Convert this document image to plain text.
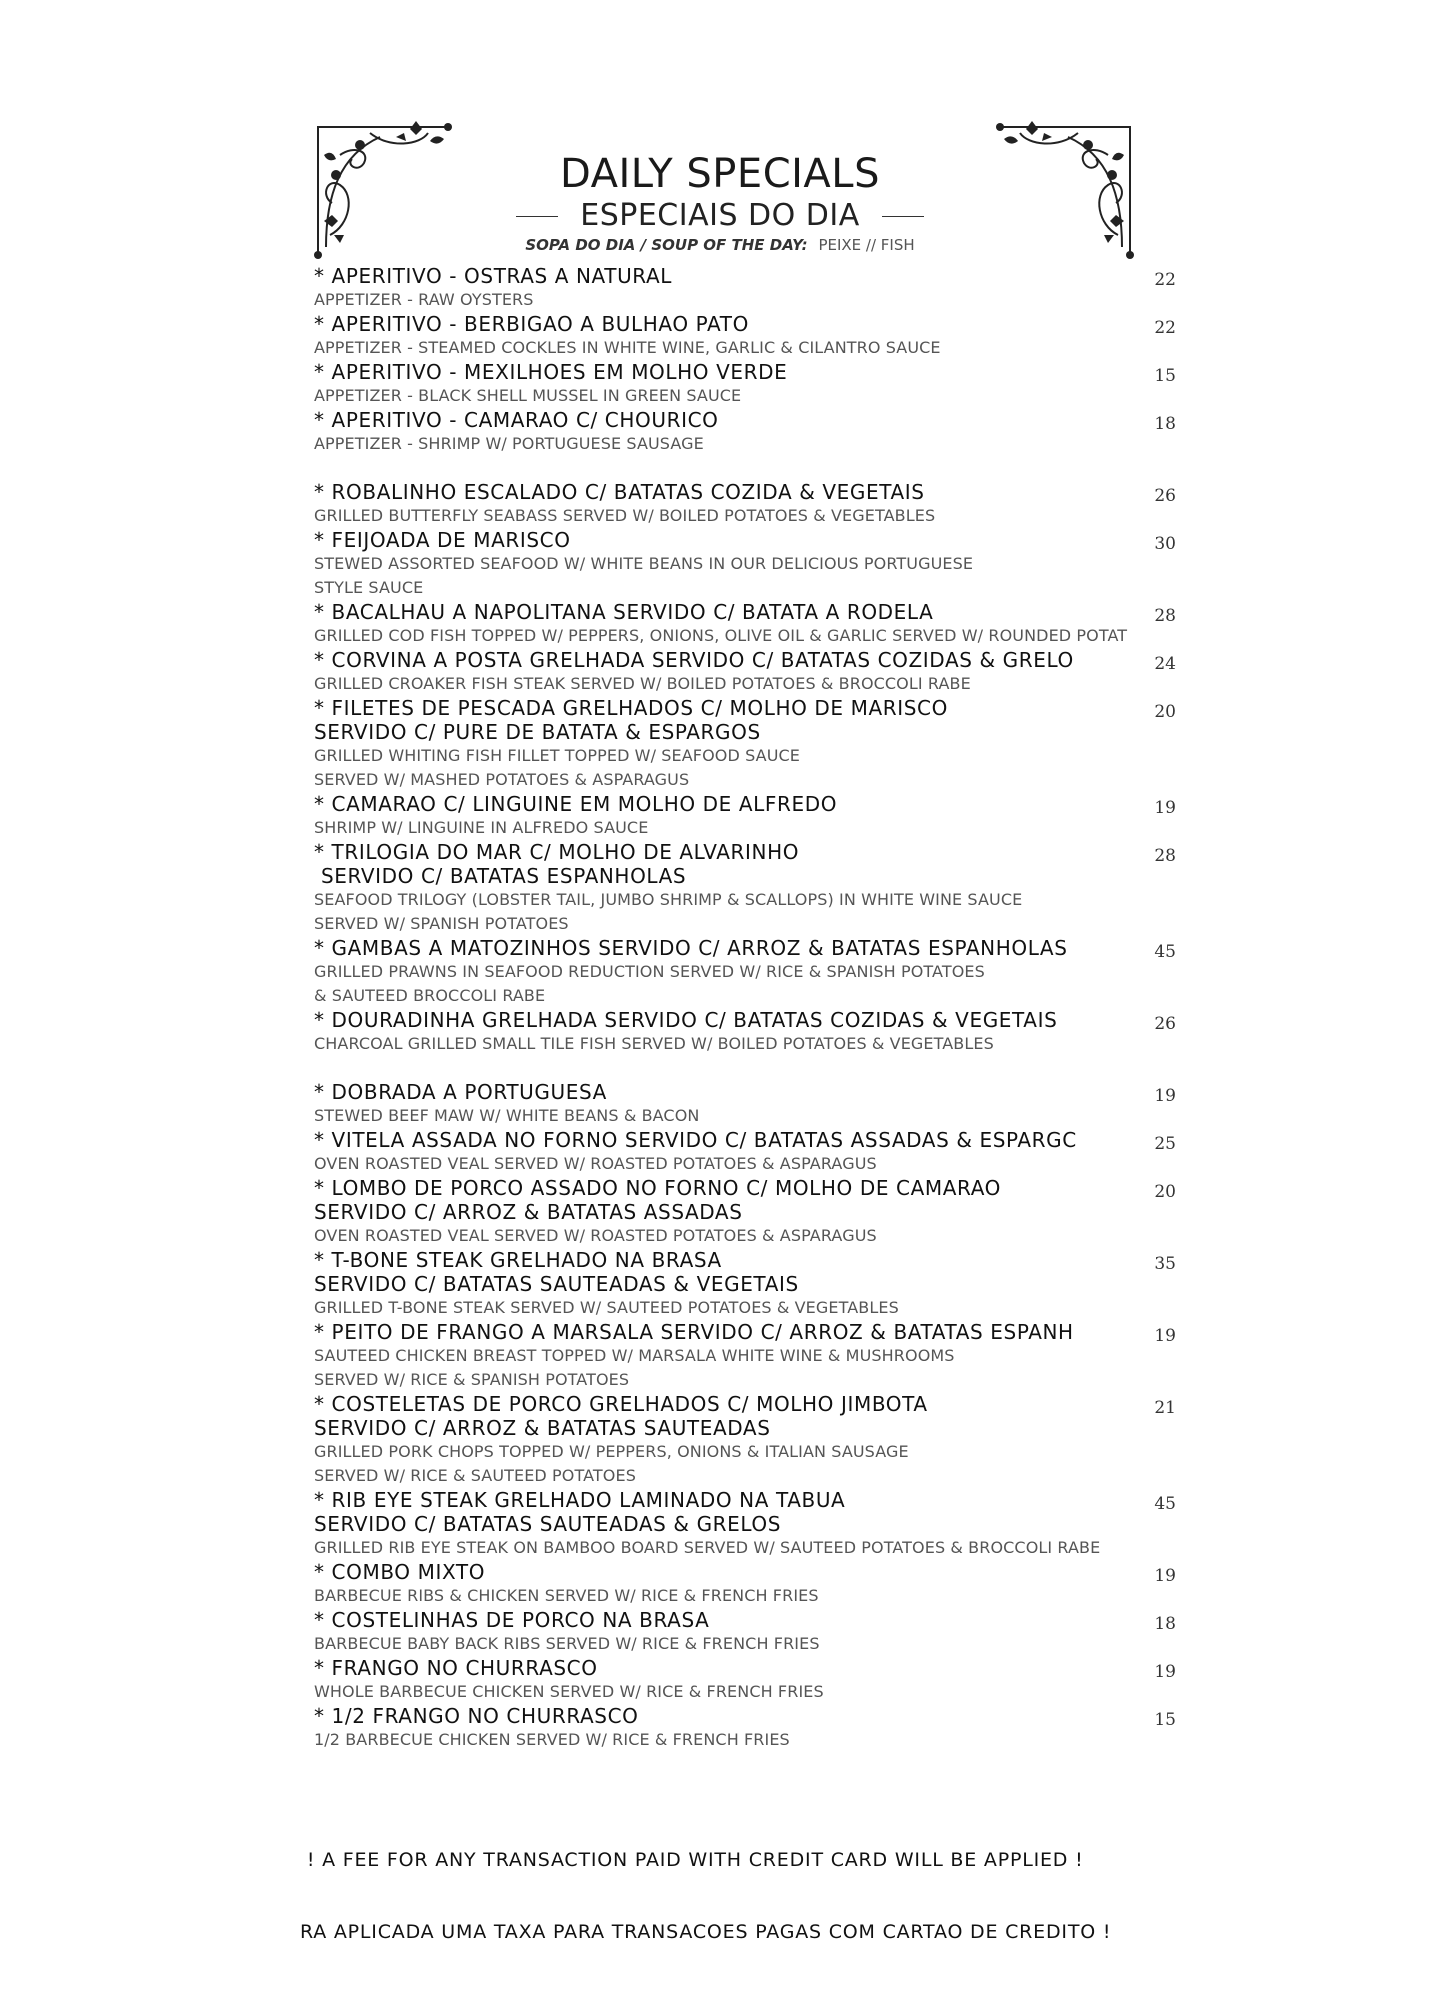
DAILY SPECIALS
ESPECIAIS DO DIA
SOPA DO DIA / SOUP OF THE DAY: PEIXE // FISH
* APERITIVO - OSTRAS A NATURAL
APPETIZER - RAW OYSTERS
22
* APERITIVO - BERBIGAO A BULHAO PATO
APPETIZER - STEAMED COCKLES IN WHITE WINE, GARLIC & CILANTRO SAUCE
22
* APERITIVO - MEXILHOES EM MOLHO VERDE
APPETIZER - BLACK SHELL MUSSEL IN GREEN SAUCE
15
* APERITIVO - CAMARAO C/ CHOURICO
APPETIZER - SHRIMP W/ PORTUGUESE SAUSAGE
18
* ROBALINHO ESCALADO C/ BATATAS COZIDA & VEGETAIS
GRILLED BUTTERFLY SEABASS SERVED W/ BOILED POTATOES & VEGETABLES
26
* FEIJOADA DE MARISCO
STEWED ASSORTED SEAFOOD W/ WHITE BEANS IN OUR DELICIOUS PORTUGUESE
STYLE SAUCE
30
* BACALHAU A NAPOLITANA SERVIDO C/ BATATA A RODELA
GRILLED COD FISH TOPPED W/ PEPPERS, ONIONS, OLIVE OIL & GARLIC SERVED W/ ROUNDED POTAT
28
* CORVINA A POSTA GRELHADA SERVIDO C/ BATATAS COZIDAS & GRELO
GRILLED CROAKER FISH STEAK SERVED W/ BOILED POTATOES & BROCCOLI RABE
24
* FILETES DE PESCADA GRELHADOS C/ MOLHO DE MARISCO
SERVIDO C/ PURE DE BATATA & ESPARGOS
GRILLED WHITING FISH FILLET TOPPED W/ SEAFOOD SAUCE
SERVED W/ MASHED POTATOES & ASPARAGUS
20
* CAMARAO C/ LINGUINE EM MOLHO DE ALFREDO
SHRIMP W/ LINGUINE IN ALFREDO SAUCE
19
* TRILOGIA DO MAR C/ MOLHO DE ALVARINHO
SERVIDO C/ BATATAS ESPANHOLAS
SEAFOOD TRILOGY (LOBSTER TAIL, JUMBO SHRIMP & SCALLOPS) IN WHITE WINE SAUCE
SERVED W/ SPANISH POTATOES
28
* GAMBAS A MATOZINHOS SERVIDO C/ ARROZ & BATATAS ESPANHOLAS
GRILLED PRAWNS IN SEAFOOD REDUCTION SERVED W/ RICE & SPANISH POTATOES
& SAUTEED BROCCOLI RABE
45
* DOURADINHA GRELHADA SERVIDO C/ BATATAS COZIDAS & VEGETAIS
CHARCOAL GRILLED SMALL TILE FISH SERVED W/ BOILED POTATOES & VEGETABLES
26
* DOBRADA A PORTUGUESA
STEWED BEEF MAW W/ WHITE BEANS & BACON
19
* VITELA ASSADA NO FORNO SERVIDO C/ BATATAS ASSADAS & ESPARGC
OVEN ROASTED VEAL SERVED W/ ROASTED POTATOES & ASPARAGUS
25
* LOMBO DE PORCO ASSADO NO FORNO C/ MOLHO DE CAMARAO
SERVIDO C/ ARROZ & BATATAS ASSADAS
OVEN ROASTED VEAL SERVED W/ ROASTED POTATOES & ASPARAGUS
20
* T-BONE STEAK GRELHADO NA BRASA
SERVIDO C/ BATATAS SAUTEADAS & VEGETAIS
GRILLED T-BONE STEAK SERVED W/ SAUTEED POTATOES & VEGETABLES
35
* PEITO DE FRANGO A MARSALA SERVIDO C/ ARROZ & BATATAS ESPANH
SAUTEED CHICKEN BREAST TOPPED W/ MARSALA WHITE WINE & MUSHROOMS
SERVED W/ RICE & SPANISH POTATOES
19
* COSTELETAS DE PORCO GRELHADOS C/ MOLHO JIMBOTA
SERVIDO C/ ARROZ & BATATAS SAUTEADAS
GRILLED PORK CHOPS TOPPED W/ PEPPERS, ONIONS & ITALIAN SAUSAGE
SERVED W/ RICE & SAUTEED POTATOES
21
* RIB EYE STEAK GRELHADO LAMINADO NA TABUA
SERVIDO C/ BATATAS SAUTEADAS & GRELOS
GRILLED RIB EYE STEAK ON BAMBOO BOARD SERVED W/ SAUTEED POTATOES & BROCCOLI RABE
45
* COMBO MIXTO
BARBECUE RIBS & CHICKEN SERVED W/ RICE & FRENCH FRIES
19
* COSTELINHAS DE PORCO NA BRASA
BARBECUE BABY BACK RIBS SERVED W/ RICE & FRENCH FRIES
18
* FRANGO NO CHURRASCO
WHOLE BARBECUE CHICKEN SERVED W/ RICE & FRENCH FRIES
19
* 1/2 FRANGO NO CHURRASCO
1/2 BARBECUE CHICKEN SERVED W/ RICE & FRENCH FRIES
15

! A FEE FOR ANY TRANSACTION PAID WITH CREDIT CARD WILL BE APPLIED !

RA APLICADA UMA TAXA PARA TRANSACOES PAGAS COM CARTAO DE CREDITO !
